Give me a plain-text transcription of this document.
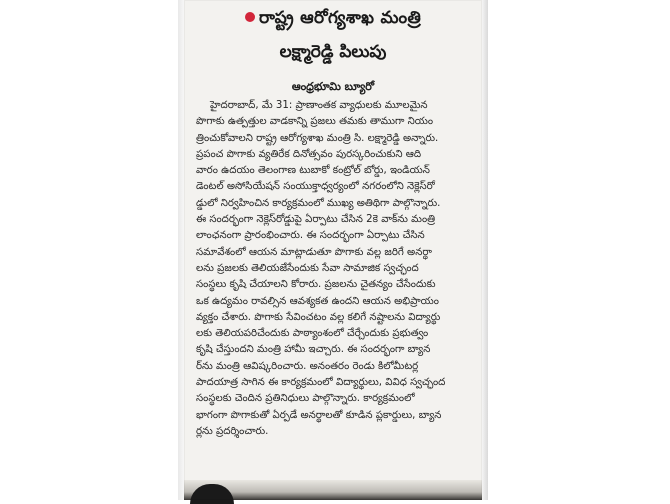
రాష్ట్ర ఆరోగ్యశాఖ మంత్రి
లక్ష్మారెడ్డి పిలుపు
ఆంధ్రభూమి బ్యూరో
హైదరాబాద్, మే 31: ప్రాణాంతక వ్యాధులకు మూలమైన
పొగాకు ఉత్పత్తుల వాడకాన్ని ప్రజలు తమకు తాముగా నియం
త్రించుకోవాలని రాష్ట్ర ఆరోగ్యశాఖ మంత్రి సి. లక్ష్మారెడ్డి అన్నారు.
ప్రపంచ పొగాకు వ్యతిరేక దినోత్సవం పురస్కరించుకుని ఆది
వారం ఉదయం తెలంగాణ టుబాకో కంట్రోల్ బోర్డు, ఇండియన్
డెంటల్ అసోసియేషన్ సంయుక్తాధ్వర్యంలో నగరంలోని నెక్లెస్‌రో
డ్డులో నిర్వహించిన కార్యక్రమంలో ముఖ్య అతిథిగా పాల్గొన్నారు.
ఈ సందర్భంగా నెక్లెస్‌రోడ్డుపై ఏర్పాటు చేసిన 2కె వాక్‌ను మంత్రి
లాంఛనంగా ప్రారంభించారు. ఈ సందర్భంగా ఏర్పాటు చేసిన
సమావేశంలో ఆయన మాట్లాడుతూ పొగాకు వల్ల జరిగే అనర్థా
లను ప్రజలకు తెలియజేసేందుకు సేవా సామాజిక స్వచ్ఛంద
సంస్థలు కృషి చేయాలని కోరారు. ప్రజలను చైతన్యం చేసేందుకు
ఒక ఉద్యమం రావల్సిన ఆవశ్యకత ఉందని ఆయన అభిప్రాయం
వ్యక్తం చేశారు. పొగాకు సేవించటం వల్ల కలిగే నష్టాలను విద్యార్థు
లకు తెలియపరిచేందుకు పాఠ్యాంశంలో చేర్చేందుకు ప్రభుత్వం
కృషి చేస్తుందని మంత్రి హామీ ఇచ్చారు. ఈ సందర్భంగా బ్యాన
ర్‌ను మంత్రి ఆవిష్కరించారు. అనంతరం రెండు కిలోమీటర్ల
పాదయాత్ర సాగిన ఈ కార్యక్రమంలో విద్యార్థులు, వివిధ స్వచ్ఛంద
సంస్థలకు చెందిన ప్రతినిధులు పాల్గొన్నారు. కార్యక్రమంలో
భాగంగా పొగాకుతో ఏర్పడే అనర్థాలతో కూడిన ప్లకార్డులు, బ్యాన
ర్లను ప్రదర్శించారు.
